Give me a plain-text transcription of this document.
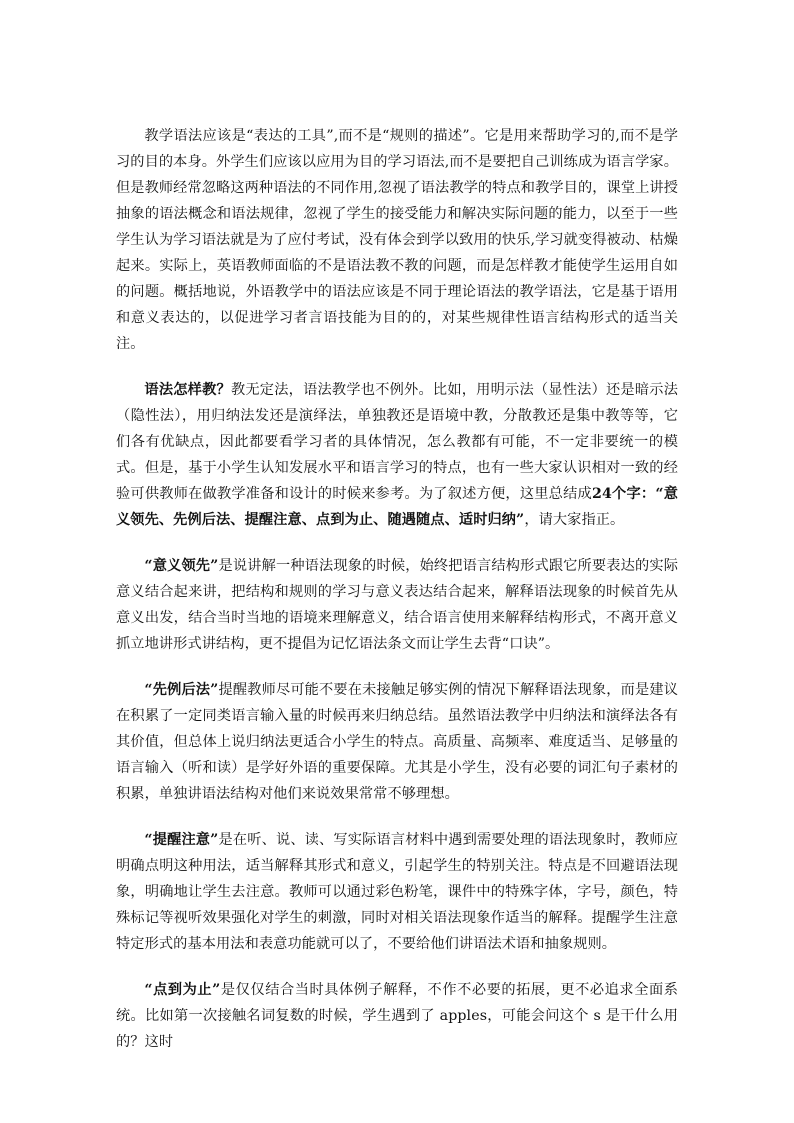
教学语法应该是“表达的工具”,而不是“规则的描述”。它是用来帮助学习的,而不是学习的目的本身。外学生们应该以应用为目的学习语法,而不是要把自己训练成为语言学家。但是教师经常忽略这两种语法的不同作用,忽视了语法教学的特点和教学目的，课堂上讲授抽象的语法概念和语法规律，忽视了学生的接受能力和解决实际问题的能力，以至于一些学生认为学习语法就是为了应付考试，没有体会到学以致用的快乐,学习就变得被动、枯燥起来。实际上，英语教师面临的不是语法教不教的问题，而是怎样教才能使学生运用自如的问题。概括地说，外语教学中的语法应该是不同于理论语法的教学语法，它是基于语用和意义表达的，以促进学习者言语技能为目的的，对某些规律性语言结构形式的适当关注。

语法怎样教？教无定法，语法教学也不例外。比如，用明示法（显性法）还是暗示法（隐性法），用归纳法发还是演绎法，单独教还是语境中教，分散教还是集中教等等，它们各有优缺点，因此都要看学习者的具体情况，怎么教都有可能，不一定非要统一的模式。但是，基于小学生认知发展水平和语言学习的特点，也有一些大家认识相对一致的经验可供教师在做教学准备和设计的时候来参考。为了叙述方便，这里总结成24个字：“意义领先、先例后法、提醒注意、点到为止、随遇随点、适时归纳”，请大家指正。

“意义领先”是说讲解一种语法现象的时候，始终把语言结构形式跟它所要表达的实际意义结合起来讲，把结构和规则的学习与意义表达结合起来，解释语法现象的时候首先从意义出发，结合当时当地的语境来理解意义，结合语言使用来解释结构形式，不离开意义抓立地讲形式讲结构，更不提倡为记忆语法条文而让学生去背“口诀”。

“先例后法”提醒教师尽可能不要在未接触足够实例的情况下解释语法现象，而是建议在积累了一定同类语言输入量的时候再来归纳总结。虽然语法教学中归纳法和演绎法各有其价值，但总体上说归纳法更适合小学生的特点。高质量、高频率、难度适当、足够量的语言输入（听和读）是学好外语的重要保障。尤其是小学生，没有必要的词汇句子素材的积累，单独讲语法结构对他们来说效果常常不够理想。

“提醒注意”是在听、说、读、写实际语言材料中遇到需要处理的语法现象时，教师应明确点明这种用法，适当解释其形式和意义，引起学生的特别关注。特点是不回避语法现象，明确地让学生去注意。教师可以通过彩色粉笔，课件中的特殊字体，字号，颜色，特殊标记等视听效果强化对学生的刺激，同时对相关语法现象作适当的解释。提醒学生注意特定形式的基本用法和表意功能就可以了，不要给他们讲语法术语和抽象规则。

“点到为止”是仅仅结合当时具体例子解释，不作不必要的拓展，更不必追求全面系统。比如第一次接触名词复数的时候，学生遇到了 apples，可能会问这个 s 是干什么用的？这时
